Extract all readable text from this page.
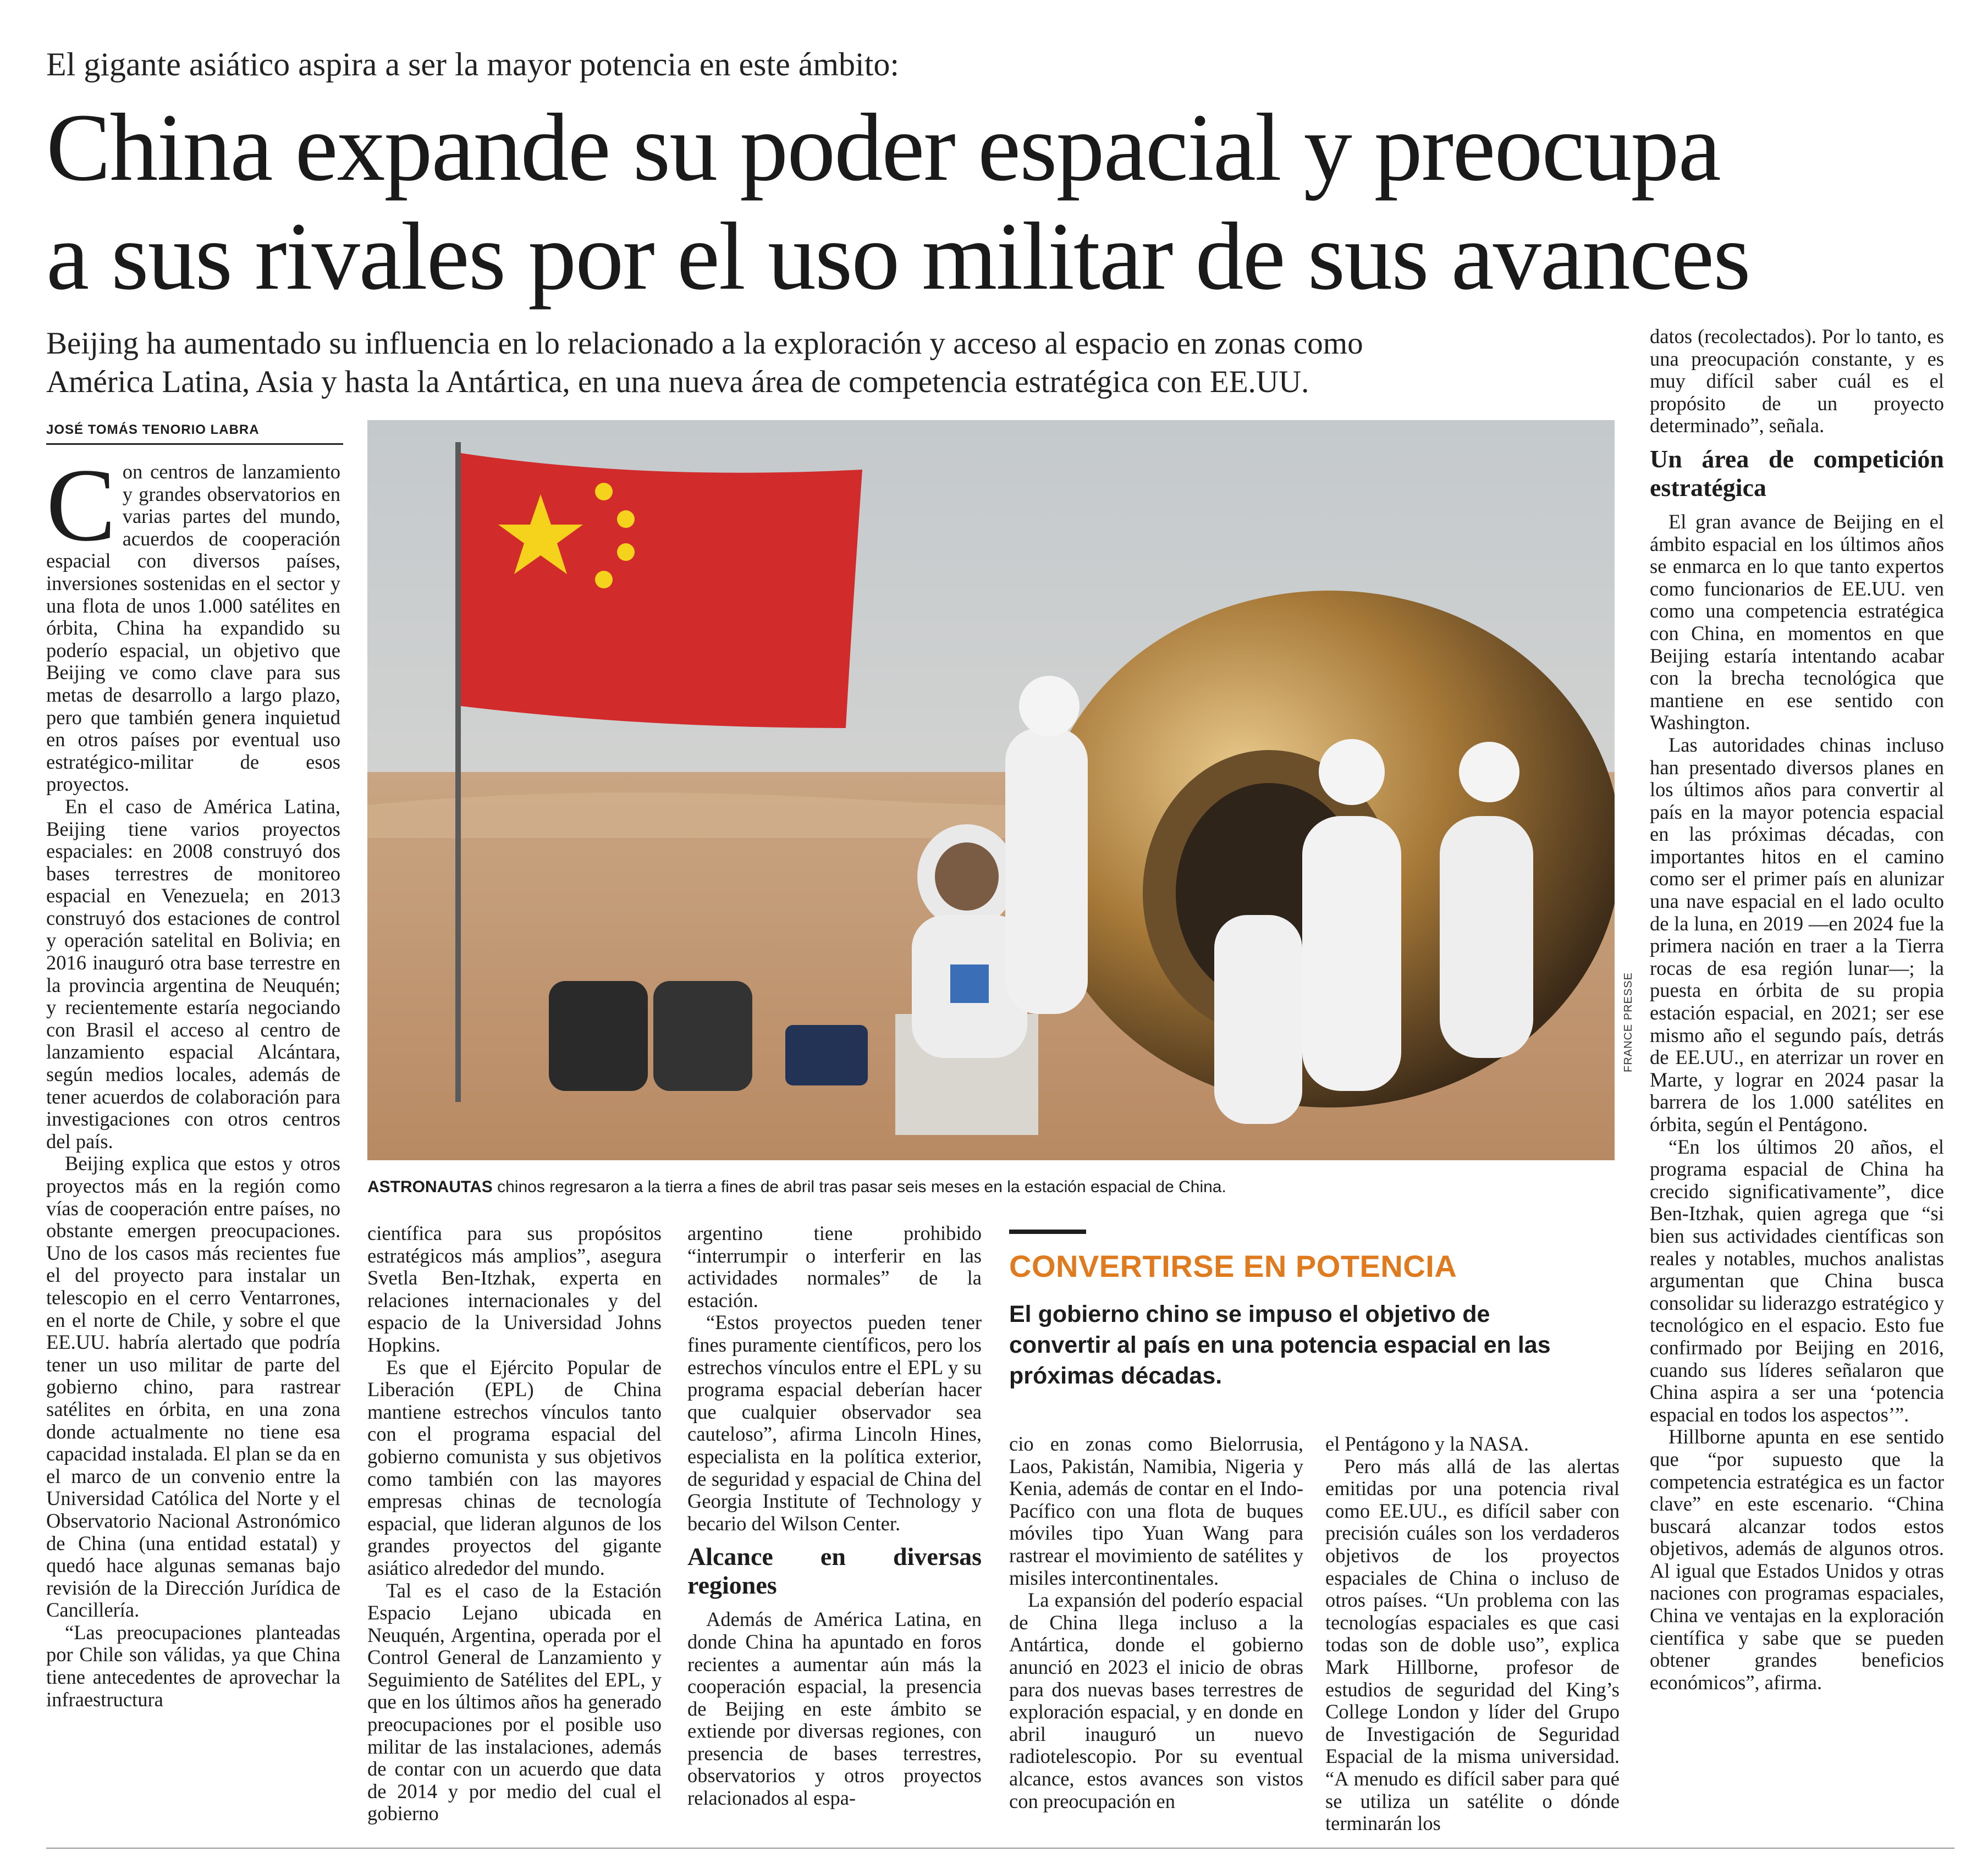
El gigante asiático aspira a ser la mayor potencia en este ámbito:
China expande su poder espacial y preocupa
a sus rivales por el uso militar de sus avances
Beijing ha aumentado su influencia en lo relacionado a la exploración y acceso al espacio en zonas como
América Latina, Asia y hasta la Antártica, en una nueva área de competencia estratégica con EE.UU.
JOSÉ TOMÁS TENORIO LABRA

Con centros de lanzamiento y grandes observatorios en varias partes del mundo, acuerdos de cooperación espacial con diversos países, inversiones sostenidas en el sector y una flota de unos 1.000 satélites en órbita, China ha expandido su poderío espacial, un objetivo que Beijing ve como clave para sus metas de desarrollo a largo plazo, pero que también genera inquietud en otros países por eventual uso estratégico-militar de esos proyectos.

En el caso de América Latina, Beijing tiene varios proyectos espaciales: en 2008 construyó dos bases terrestres de monitoreo espacial en Venezuela; en 2013 construyó dos estaciones de control y operación satelital en Bolivia; en 2016 inauguró otra base terrestre en la provincia argentina de Neuquén; y recientemente estaría negociando con Brasil el acceso al centro de lanzamiento espacial Alcántara, según medios locales, además de tener acuerdos de colaboración para investigaciones con otros centros del país.

Beijing explica que estos y otros proyectos más en la región como vías de cooperación entre países, no obstante emergen preocupaciones. Uno de los casos más recientes fue el del proyecto para instalar un telescopio en el cerro Ventarrones, en el norte de Chile, y sobre el que EE.UU. habría alertado que podría tener un uso militar de parte del gobierno chino, para rastrear satélites en órbita, en una zona donde actualmente no tiene esa capacidad instalada. El plan se da en el marco de un convenio entre la Universidad Católica del Norte y el Observatorio Nacional Astronómico de China (una entidad estatal) y quedó hace algunas semanas bajo revisión de la Dirección Jurídica de Cancillería.

“Las preocupaciones planteadas por Chile son válidas, ya que China tiene antecedentes de aprovechar la infraestructura

FRANCE PRESSE
ASTRONAUTAS chinos regresaron a la tierra a fines de abril tras pasar seis meses en la estación espacial de China.

científica para sus propósitos estratégicos más amplios”, asegura Svetla Ben-Itzhak, experta en relaciones internacionales y del espacio de la Universidad Johns Hopkins.

Es que el Ejército Popular de Liberación (EPL) de China mantiene estrechos vínculos tanto con el programa espacial del gobierno comunista y sus objetivos como también con las mayores empresas chinas de tecnología espacial, que lideran algunos de los grandes proyectos del gigante asiático alrededor del mundo.

Tal es el caso de la Estación Espacio Lejano ubicada en Neuquén, Argentina, operada por el Control General de Lanzamiento y Seguimiento de Satélites del EPL, y que en los últimos años ha generado preocupaciones por el posible uso militar de las instalaciones, además de contar con un acuerdo que data de 2014 y por medio del cual el gobierno

argentino tiene prohibido “interrumpir o interferir en las actividades normales” de la estación.

“Estos proyectos pueden tener fines puramente científicos, pero los estrechos vínculos entre el EPL y su programa espacial deberían hacer que cualquier observador sea cauteloso”, afirma Lincoln Hines, especialista en la política exterior, de seguridad y espacial de China del Georgia Institute of Technology y becario del Wilson Center.

Alcance en diversas regiones

Además de América Latina, en donde China ha apuntado en foros recientes a aumentar aún más la cooperación espacial, la presencia de Beijing en este ámbito se extiende por diversas regiones, con presencia de bases terrestres, observatorios y otros proyectos relacionados al espa-

CONVERTIRSE EN POTENCIA
El gobierno chino se impuso el objetivo de convertir al país en una potencia espacial en las próximas décadas.

cio en zonas como Bielorrusia, Laos, Pakistán, Namibia, Nigeria y Kenia, además de contar en el Indo-Pacífico con una flota de buques móviles tipo Yuan Wang para rastrear el movimiento de satélites y misiles intercontinentales.

La expansión del poderío espacial de China llega incluso a la Antártica, donde el gobierno anunció en 2023 el inicio de obras para dos nuevas bases terrestres de exploración espacial, y en donde en abril inauguró un nuevo radiotelescopio. Por su eventual alcance, estos avances son vistos con preocupación en

el Pentágono y la NASA.

Pero más allá de las alertas emitidas por una potencia rival como EE.UU., es difícil saber con precisión cuáles son los verdaderos objetivos de los proyectos espaciales de China o incluso de otros países. “Un problema con las tecnologías espaciales es que casi todas son de doble uso”, explica Mark Hillborne, profesor de estudios de seguridad del King’s College London y líder del Grupo de Investigación de Seguridad Espacial de la misma universidad. “A menudo es difícil saber para qué se utiliza un satélite o dónde terminarán los

datos (recolectados). Por lo tanto, es una preocupación constante, y es muy difícil saber cuál es el propósito de un proyecto determinado”, señala.

Un área de competición estratégica

El gran avance de Beijing en el ámbito espacial en los últimos años se enmarca en lo que tanto expertos como funcionarios de EE.UU. ven como una competencia estratégica con China, en momentos en que Beijing estaría intentando acabar con la brecha tecnológica que mantiene en ese sentido con Washington.

Las autoridades chinas incluso han presentado diversos planes en los últimos años para convertir al país en la mayor potencia espacial en las próximas décadas, con importantes hitos en el camino como ser el primer país en alunizar una nave espacial en el lado oculto de la luna, en 2019 —en 2024 fue la primera nación en traer a la Tierra rocas de esa región lunar—; la puesta en órbita de su propia estación espacial, en 2021; ser ese mismo año el segundo país, detrás de EE.UU., en aterrizar un rover en Marte, y lograr en 2024 pasar la barrera de los 1.000 satélites en órbita, según el Pentágono.

“En los últimos 20 años, el programa espacial de China ha crecido significativamente”, dice Ben-Itzhak, quien agrega que “si bien sus actividades científicas son reales y notables, muchos analistas argumentan que China busca consolidar su liderazgo estratégico y tecnológico en el espacio. Esto fue confirmado por Beijing en 2016, cuando sus líderes señalaron que China aspira a ser una ‘potencia espacial en todos los aspectos’”.

Hillborne apunta en ese sentido que “por supuesto que la competencia estratégica es un factor clave” en este escenario. “China buscará alcanzar todos estos objetivos, además de algunos otros. Al igual que Estados Unidos y otras naciones con programas espaciales, China ve ventajas en la exploración científica y sabe que se pueden obtener grandes beneficios económicos”, afirma.
